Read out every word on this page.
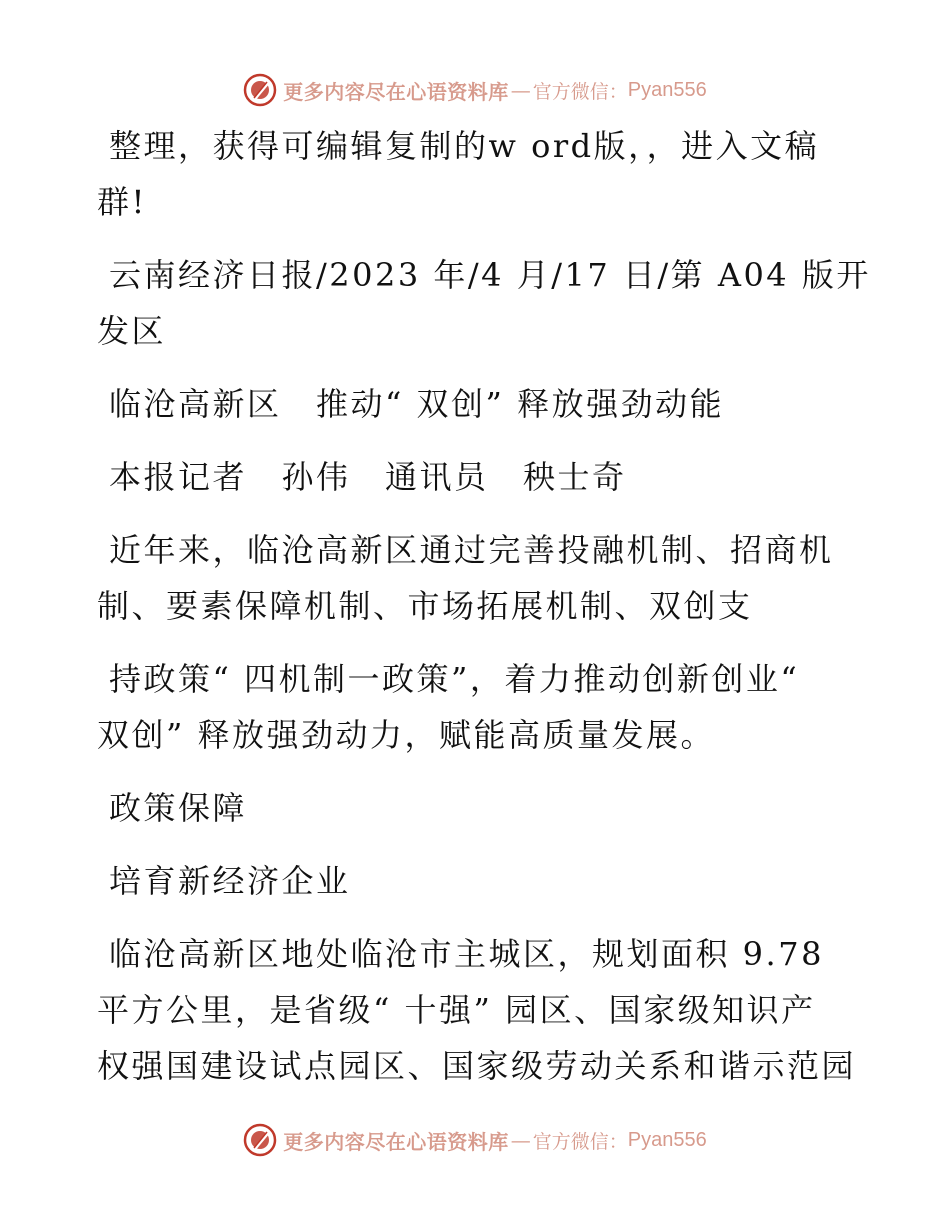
更多内容尽在心语资料库 — 官方微信： Pyan556
整理，获得可编辑复制的w ord版，，进入文稿
群!
云南经济日报/2023 年/4 月/17 日/第 A04 版开
发区
临沧高新区　推动“ 双创” 释放强劲动能
本报记者　孙伟　通讯员　秧士奇
近年来，临沧高新区通过完善投融机制、招商机
制、要素保障机制、市场拓展机制、双创支
持政策“ 四机制一政策”，着力推动创新创业“
双创” 释放强劲动力，赋能高质量发展。
政策保障
培育新经济企业
临沧高新区地处临沧市主城区，规划面积 9.78
平方公里，是省级“ 十强” 园区、国家级知识产
权强国建设试点园区、国家级劳动关系和谐示范园
更多内容尽在心语资料库 — 官方微信： Pyan556
